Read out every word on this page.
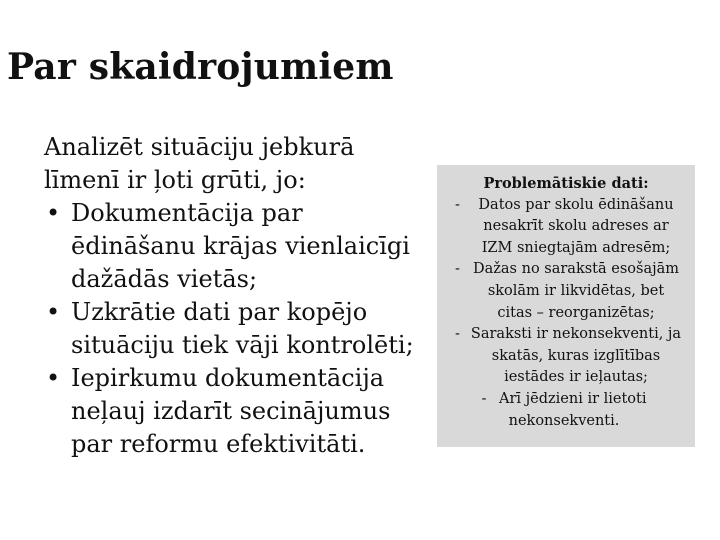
Par skaidrojumiem
Analizēt situāciju jebkurā
līmenī ir ļoti grūti, jo:
• Dokumentācija par
ēdināšanu krājas vienlaicīgi
dažādās vietās;
• Uzkrātie dati par kopējo
situāciju tiek vāji kontrolēti;
• Iepirkumu dokumentācija
neļauj izdarīt secinājumus
par reformu efektivitāti.
Problemātiskie dati:
- Datos par skolu ēdināšanu nesakrīt skolu adreses ar IZM sniegtajām adresēm;
- Dažas no sarakstā esošajām skolām ir likvidētas, bet citas – reorganizētas;
- Saraksti ir nekonsekventi, ja skatās, kuras izglītības iestādes ir ieļautas;
- Arī jēdzieni ir lietoti nekonsekventi.
